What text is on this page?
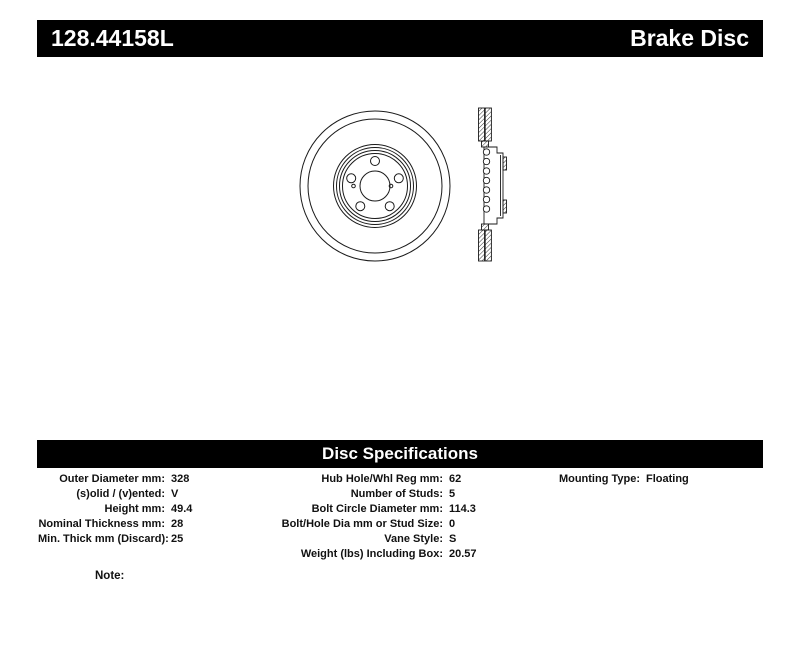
128.44158L	Brake Disc
Disc Specifications
Outer Diameter mm: 328
(s)olid / (v)ented: V
Height mm: 49.4
Nominal Thickness mm: 28
Min. Thick mm (Discard): 25
Hub Hole/Whl Reg mm: 62
Number of Studs: 5
Bolt Circle Diameter mm: 114.3
Bolt/Hole Dia mm or Stud Size: 0
Vane Style: S
Weight (lbs) Including Box: 20.57
Mounting Type: Floating
Note:
